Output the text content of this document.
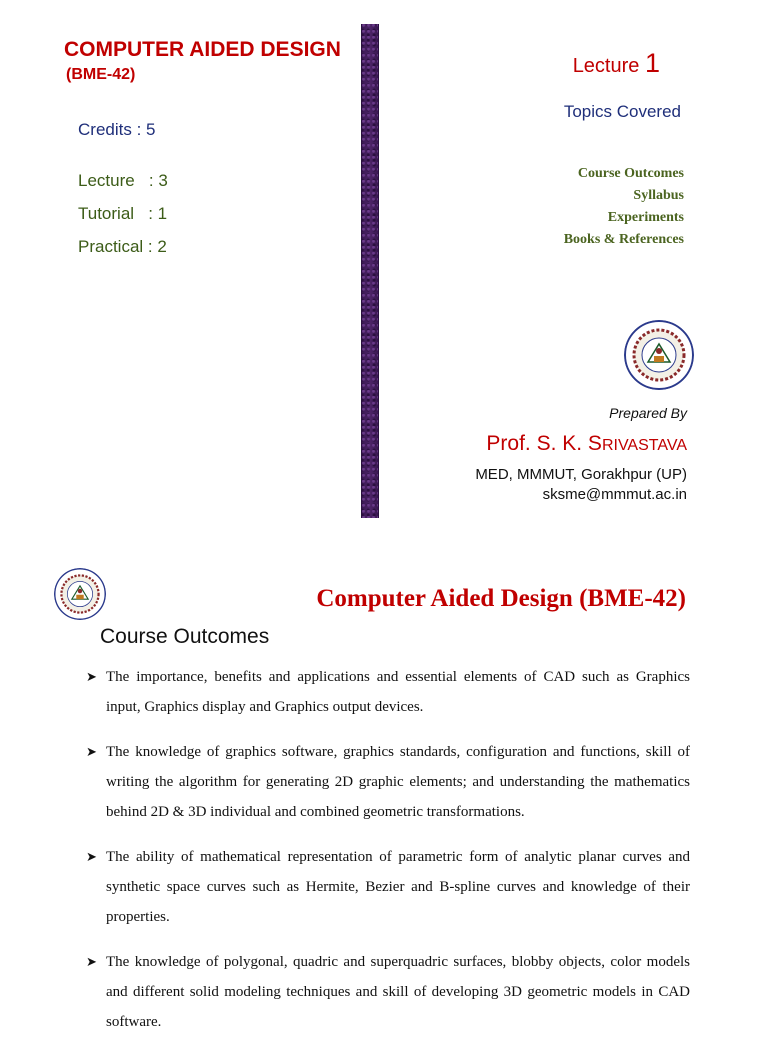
COMPUTER AIDED DESIGN
(BME-42)
Credits : 5
Lecture   : 3
Tutorial   : 1
Practical : 2
Lecture 1
Topics Covered
Course Outcomes
Syllabus
Experiments
Books & References
Prepared By
Prof. S. K. SRIVASTAVA
MED, MMMUT, Gorakhpur (UP)
sksme@mmmut.ac.in
Computer Aided Design (BME-42)
Course Outcomes
➤ The importance, benefits and applications and essential elements of CAD such as Graphics input, Graphics display and Graphics output devices.
➤ The knowledge of graphics software, graphics standards, configuration and functions, skill of writing the algorithm for generating 2D graphic elements; and understanding the mathematics behind 2D & 3D individual and combined geometric transformations.
➤ The ability of mathematical representation of parametric form of analytic planar curves and synthetic space curves such as Hermite, Bezier and B-spline curves and knowledge of their properties.
➤ The knowledge of polygonal, quadric and superquadric surfaces, blobby objects, color models and different solid modeling techniques and skill of developing 3D geometric models in CAD software.
